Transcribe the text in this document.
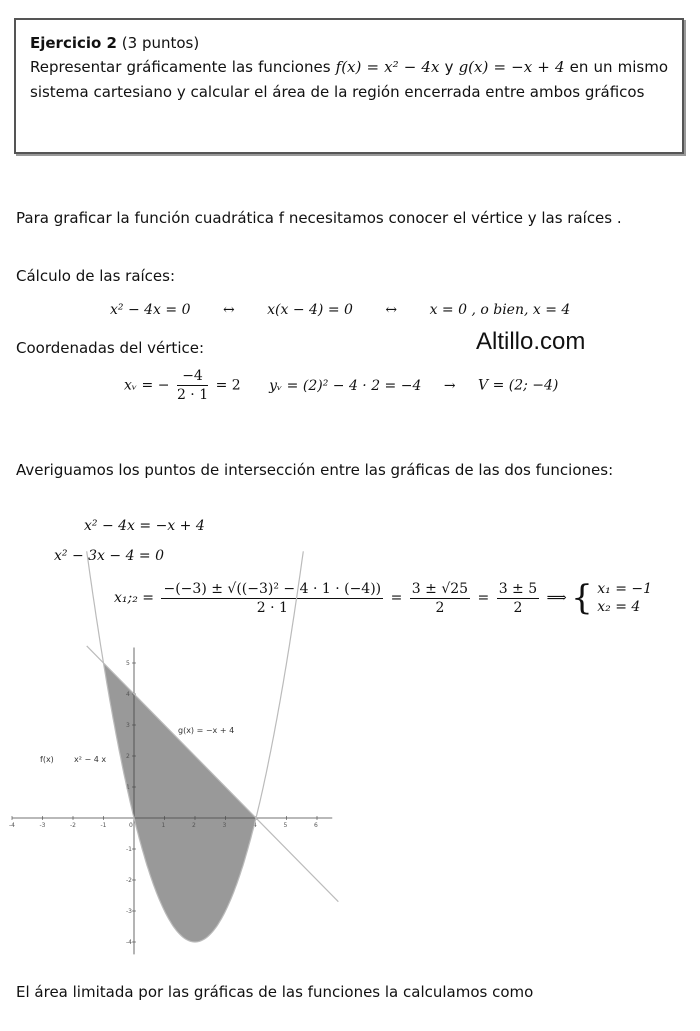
Ejercicio 2 (3 puntos)

Representar gráficamente las funciones f(x) = x² − 4x y g(x) = −x + 4 en un mismo sistema cartesiano y calcular el área de la región encerrada entre ambos gráficos

Para graficar la función cuadrática f necesitamos conocer el vértice y las raíces .
Cálculo de las raíces:
x² − 4x = 0 ↔ x(x − 4) = 0 ↔ x = 0 , o bien, x = 4
Altillo.com
Coordenadas del vértice:
xᵥ = − $\frac{-4}{2 \cdot 1} = 2$ yᵥ = (2)² − 4 · 2 = −4 → V = (2; −4)
Averiguamos los puntos de intersección entre las gráficas de las dos funciones:
x² − 4x = −x + 4
x² − 3x − 4 = 0
x₁;₂ = $\frac{\text{−(−3) ± √((−3)² − 4 · 1 · (−4))}}{2 \cdot 1} = \frac{3 \pm √25}{2} = \frac{3 \pm 5}{2}$ ⟹ { x₁ = −1
x₂ = 4
-4	-3	-2	-1	0	1	2	3	4	5	6
5
4
3
2
1
-1
-2
-3
-4
f(x)	x² − 4 x
g(x) = −x + 4
El área limitada por las gráficas de las funciones la calculamos como
